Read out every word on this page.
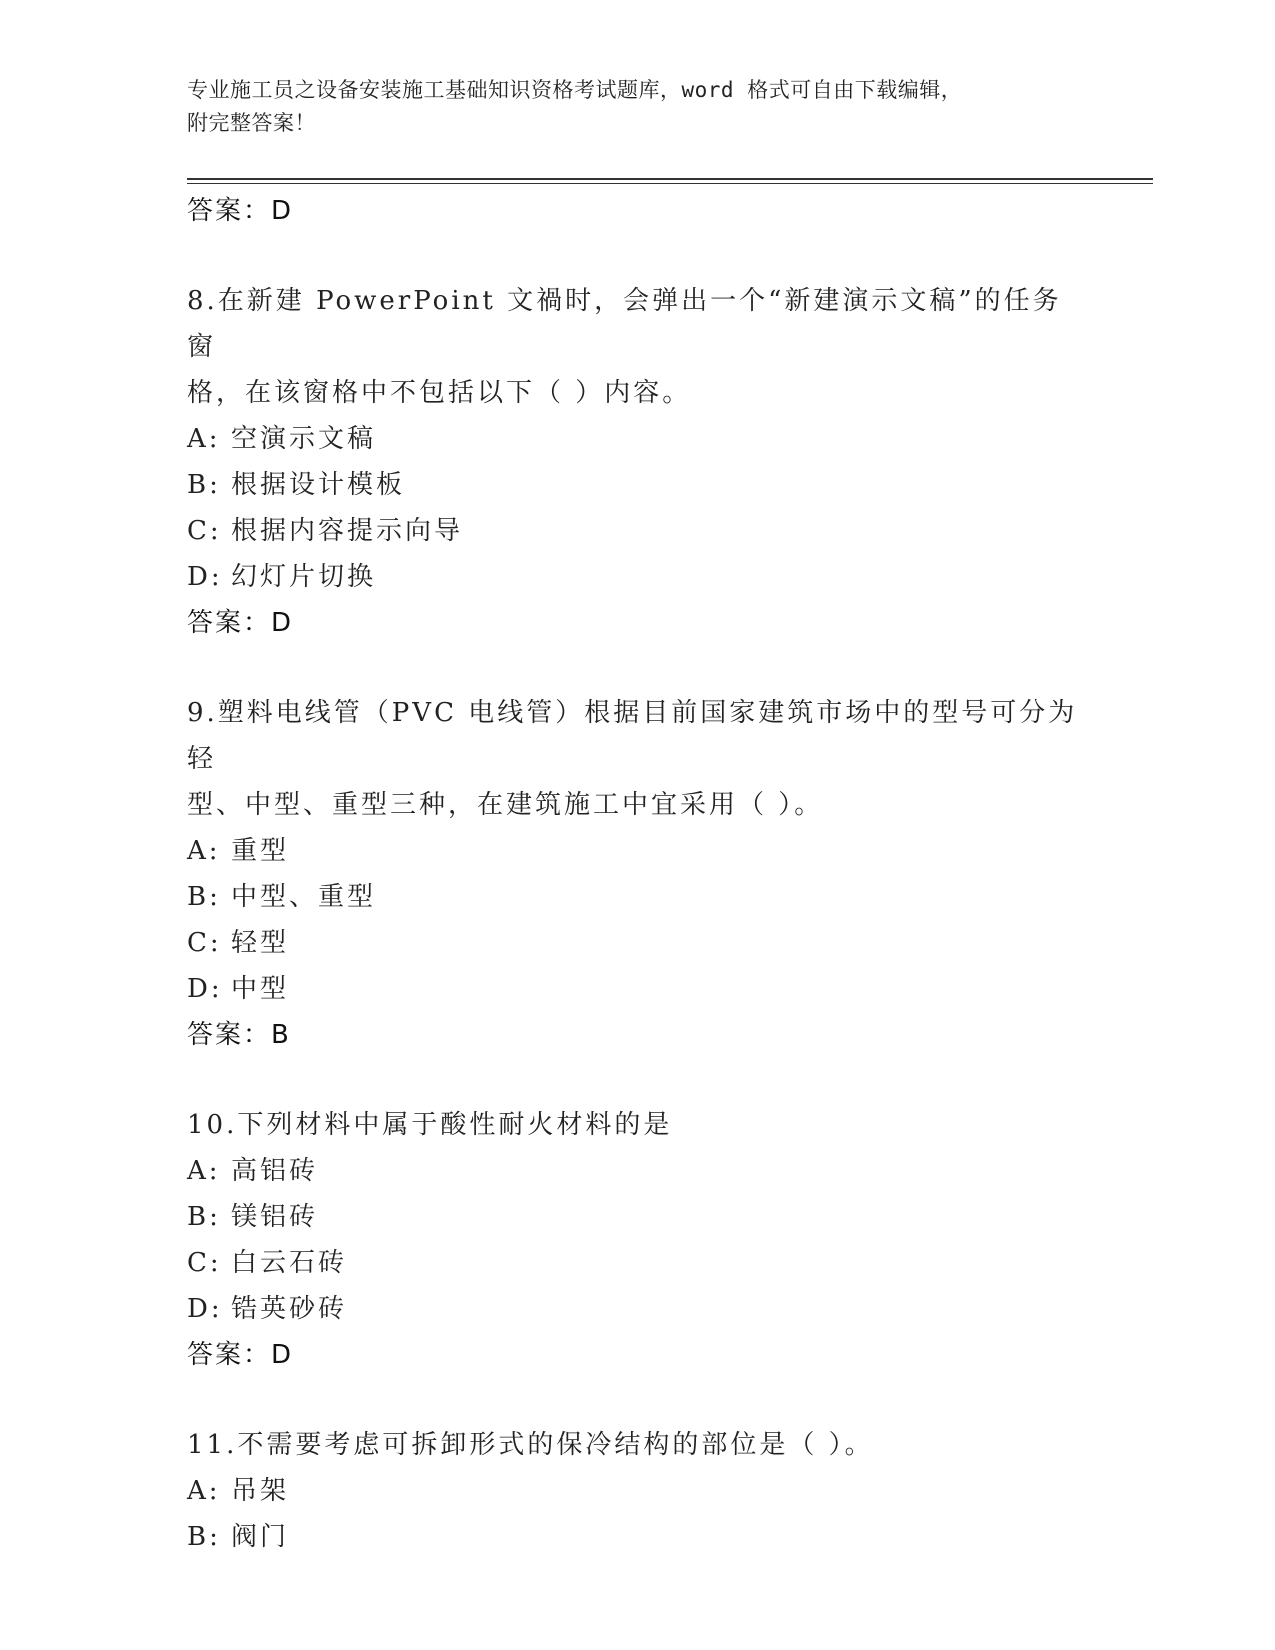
专业施工员之设备安装施工基础知识资格考试题库，word 格式可自由下载编辑，
附完整答案！
答案：D
8.在新建 PowerPoint 文禍时，会弹出一个“新建演示文稿”的任务窗
格，在该窗格中不包括以下（ ）内容。
A: 空演示文稿
B: 根据设计模板
C: 根据内容提示向导
D: 幻灯片切换
答案：D
9.塑料电线管（PVC 电线管）根据目前国家建筑市场中的型号可分为轻
型、中型、重型三种，在建筑施工中宜采用（ ）。
A: 重型
B: 中型、重型
C: 轻型
D: 中型
答案：B
10.下列材料中属于酸性耐火材料的是
A: 高铝砖
B: 镁铝砖
C: 白云石砖
D: 锆英砂砖
答案：D
11.不需要考虑可拆卸形式的保冷结构的部位是（ ）。
A: 吊架
B: 阀门
